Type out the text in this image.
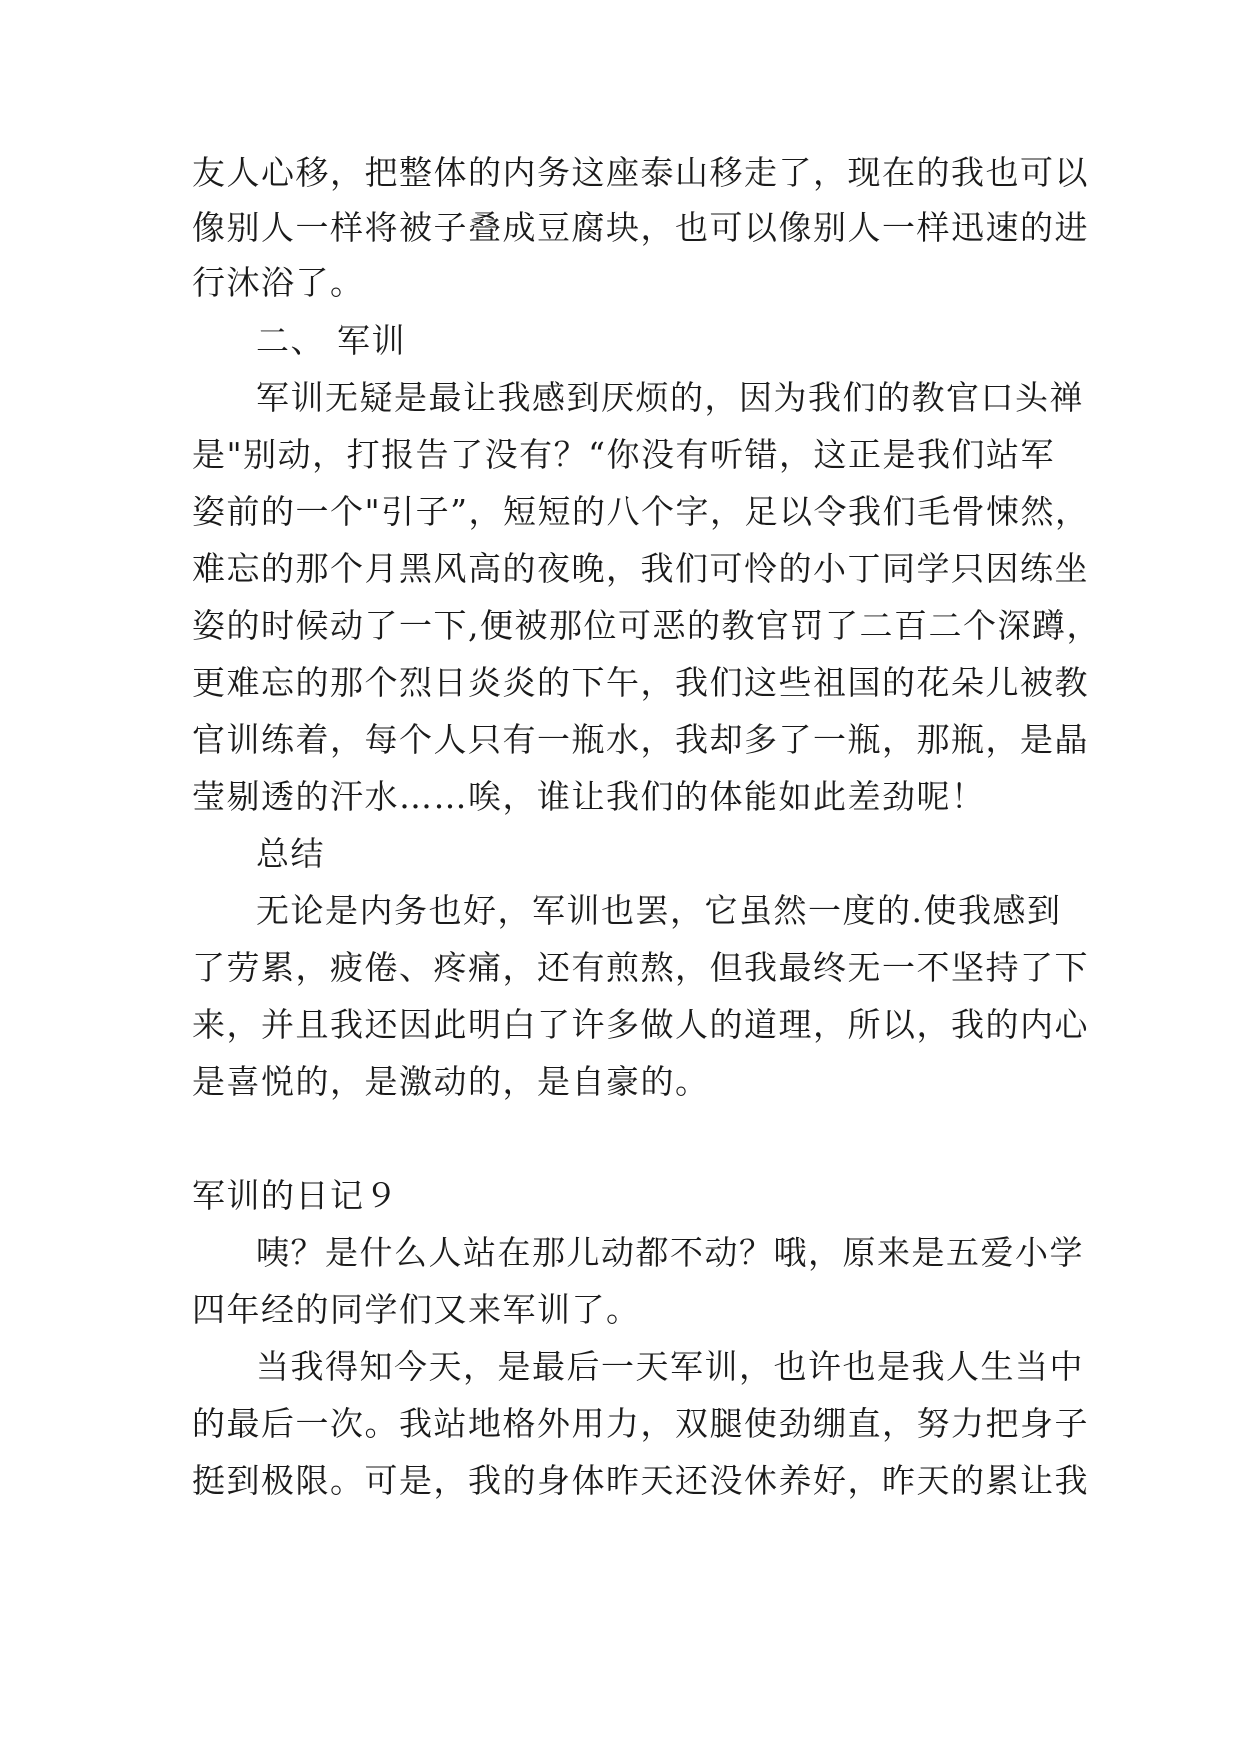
友人心移，把整体的内务这座泰山移走了，现在的我也可以
像别人一样将被子叠成豆腐块，也可以像别人一样迅速的进
行沐浴了。
二、 军训
军训无疑是最让我感到厌烦的，因为我们的教官口头禅
是"别动，打报告了没有？“你没有听错，这正是我们站军
姿前的一个"引子”，短短的八个字，足以令我们毛骨悚然，
难忘的那个月黑风高的夜晚，我们可怜的小丁同学只因练坐
姿的时候动了一下,便被那位可恶的教官罚了二百二个深蹲，
更难忘的那个烈日炎炎的下午，我们这些祖国的花朵儿被教
官训练着，每个人只有一瓶水，我却多了一瓶，那瓶，是晶
莹剔透的汗水……唉，谁让我们的体能如此差劲呢！
总结
无论是内务也好，军训也罢，它虽然一度的.使我感到
了劳累，疲倦、疼痛，还有煎熬，但我最终无一不坚持了下
来，并且我还因此明白了许多做人的道理，所以，我的内心
是喜悦的，是激动的，是自豪的。
军训的日记９
咦？是什么人站在那儿动都不动？哦，原来是五爱小学
四年经的同学们又来军训了。
当我得知今天，是最后一天军训，也许也是我人生当中
的最后一次。我站地格外用力，双腿使劲绷直，努力把身子
挺到极限。可是，我的身体昨天还没休养好，昨天的累让我
